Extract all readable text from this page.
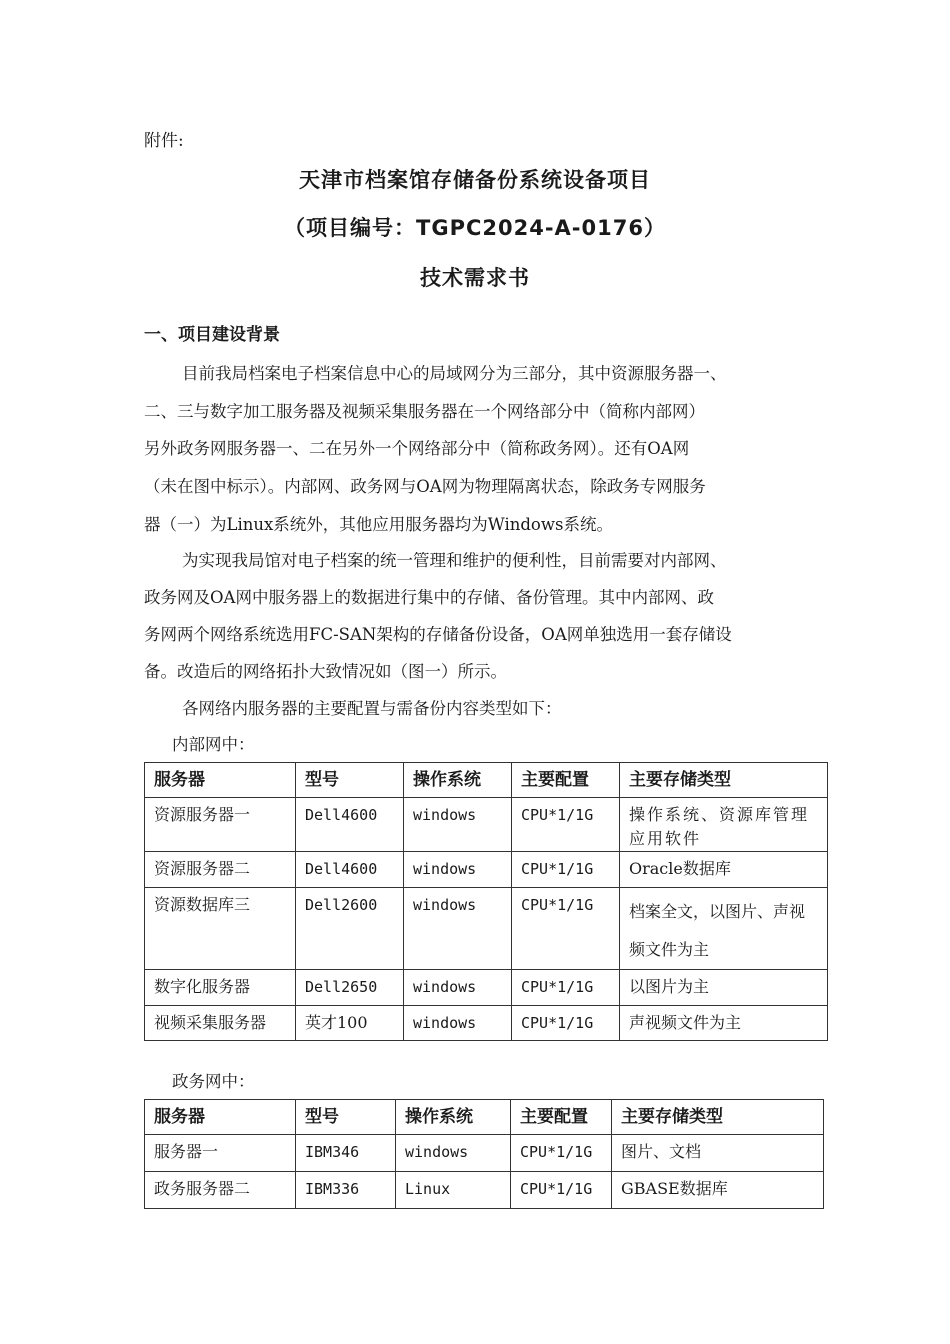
附件:
天津市档案馆存储备份系统设备项目
（项目编号：TGPC2024-A-0176）
技术需求书
一、项目建设背景
目前我局档案电子档案信息中心的局域网分为三部分，其中资源服务器一、
二、三与数字加工服务器及视频采集服务器在一个网络部分中（简称内部网）
另外政务网服务器一、二在另外一个网络部分中（简称政务网）。还有OA网
（未在图中标示）。内部网、政务网与OA网为物理隔离状态，除政务专网服务
器（一）为Linux系统外，其他应用服务器均为Windows系统。
为实现我局馆对电子档案的统一管理和维护的便利性，目前需要对内部网、
政务网及OA网中服务器上的数据进行集中的存储、备份管理。其中内部网、政
务网两个网络系统选用FC-SAN架构的存储备份设备，OA网单独选用一套存储设
备。改造后的网络拓扑大致情况如（图一）所示。
各网络内服务器的主要配置与需备份内容类型如下：
内部网中：
服务器	型号	操作系统	主要配置	主要存储类型
资源服务器一	Dell4600	windows	CPU*1/1G	操作系统、资源库管理应用软件
资源服务器二	Dell4600	windows	CPU*1/1G	Oracle数据库
资源数据库三	Dell2600	windows	CPU*1/1G	档案全文，以图片、声视频文件为主
数字化服务器	Dell2650	windows	CPU*1/1G	以图片为主
视频采集服务器	英才100	windows	CPU*1/1G	声视频文件为主
政务网中：
服务器	型号	操作系统	主要配置	主要存储类型
服务器一	IBM346	windows	CPU*1/1G	图片、文档
政务服务器二	IBM336	Linux	CPU*1/1G	GBASE数据库
